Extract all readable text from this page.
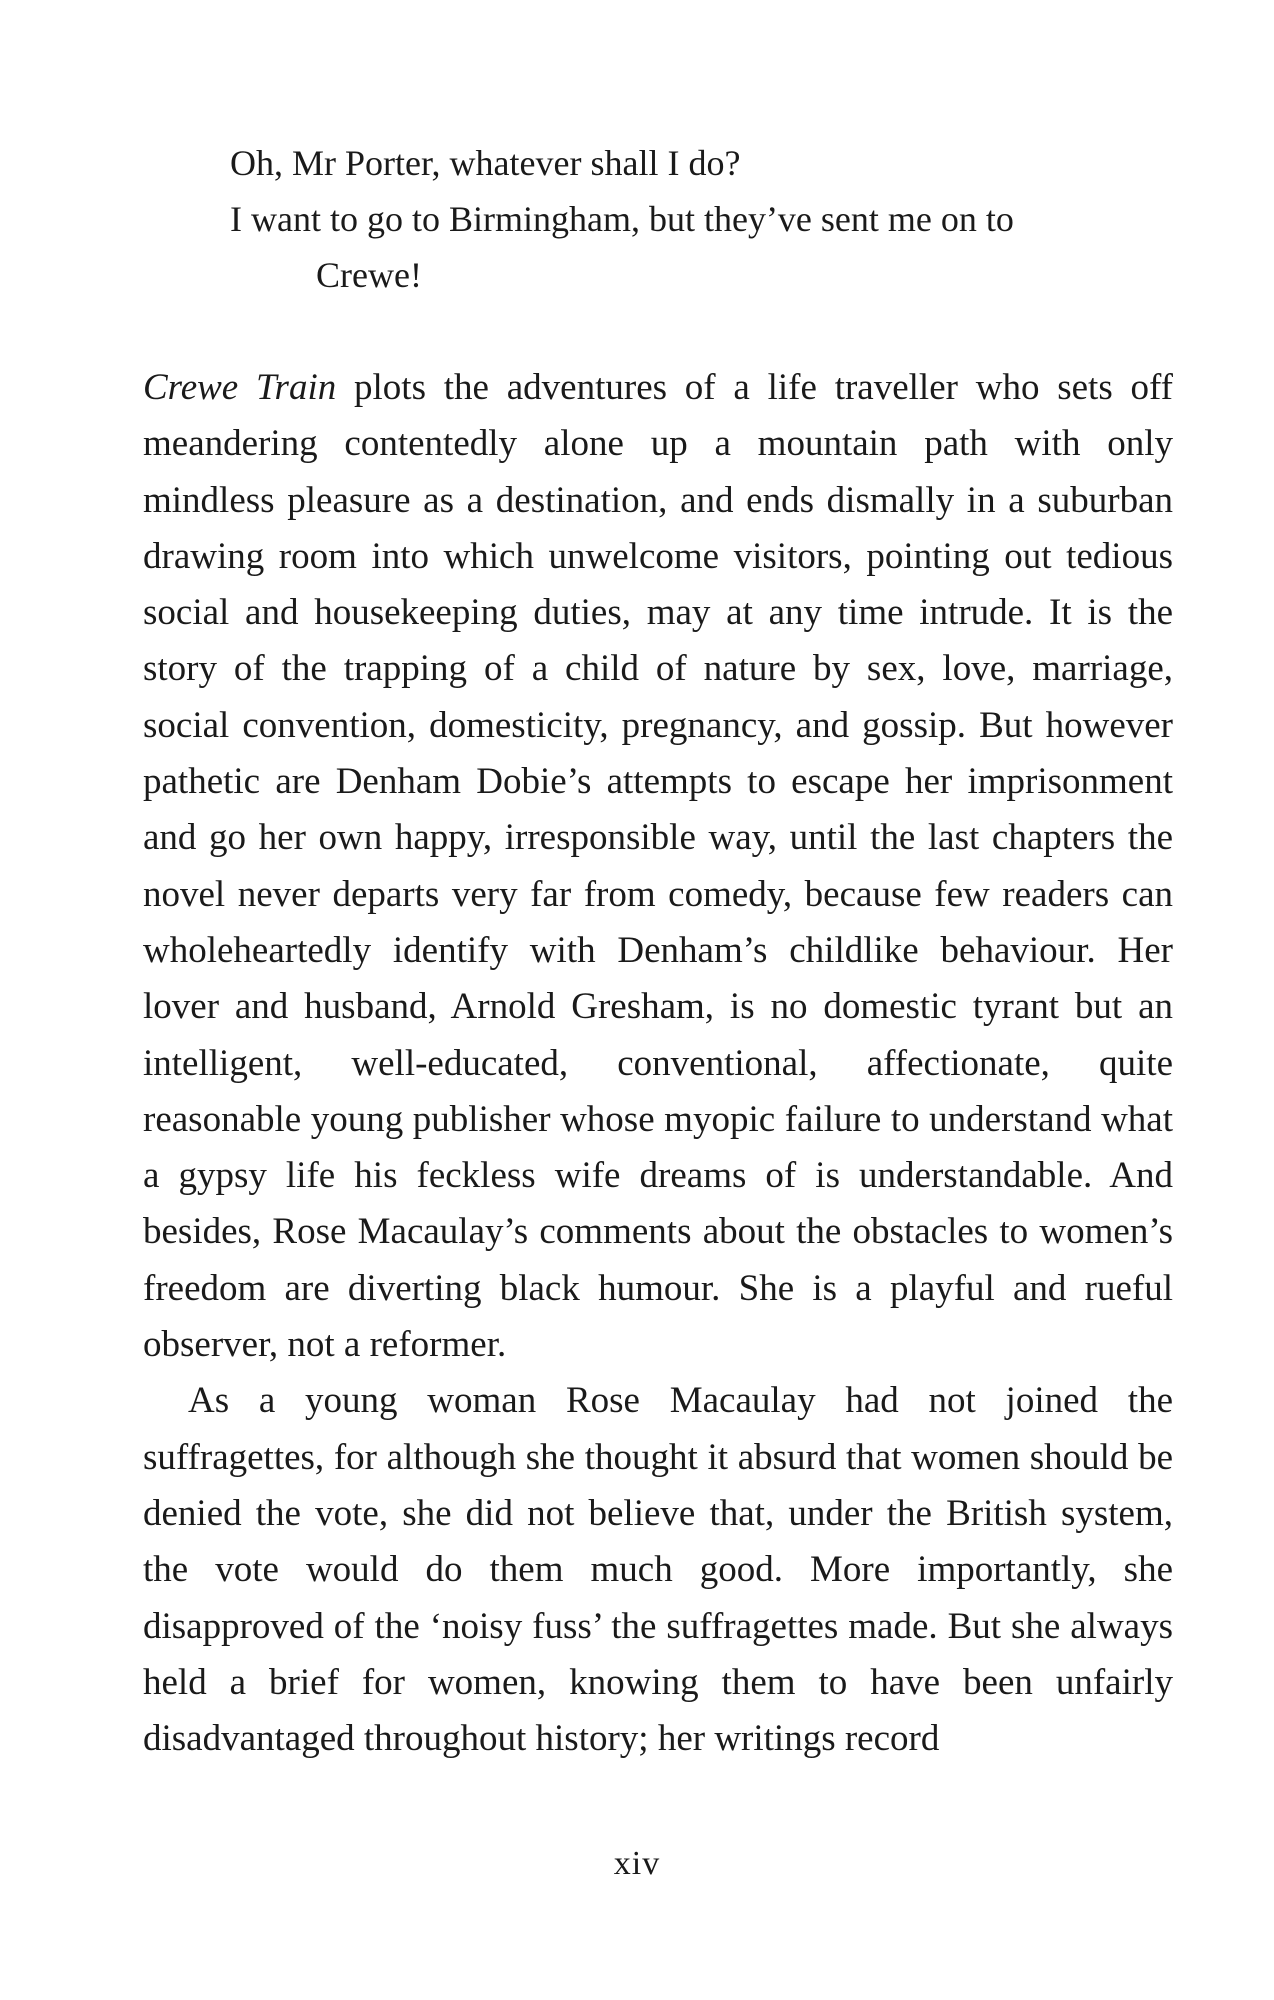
Oh, Mr Porter, whatever shall I do?
I want to go to Birmingham, but they’ve sent me on to
Crewe!

Crewe Train plots the adventures of a life traveller who sets off meandering contentedly alone up a mountain path with only mindless pleasure as a destination, and ends dismally in a suburban drawing room into which unwelcome visitors, pointing out tedious social and housekeeping duties, may at any time intrude. It is the story of the trapping of a child of nature by sex, love, marriage, social convention, domesticity, pregnancy, and gossip. But however pathetic are Denham Dobie’s attempts to escape her imprisonment and go her own happy, irresponsible way, until the last chapters the novel never departs very far from comedy, because few readers can wholeheartedly identify with Denham’s childlike behaviour. Her lover and husband, Arnold Gresham, is no domestic tyrant but an intelligent, well-educated, conventional, affectionate, quite reasonable young publisher whose myopic failure to understand what a gypsy life his feckless wife dreams of is understandable. And besides, Rose Macaulay’s comments about the obstacles to women’s freedom are diverting black humour. She is a playful and rueful observer, not a reformer.

As a young woman Rose Macaulay had not joined the suffragettes, for although she thought it absurd that women should be denied the vote, she did not believe that, under the British system, the vote would do them much good. More importantly, she disapproved of the ‘noisy fuss’ the suffragettes made. But she always held a brief for women, knowing them to have been unfairly disadvantaged throughout history; her writings record

xiv
